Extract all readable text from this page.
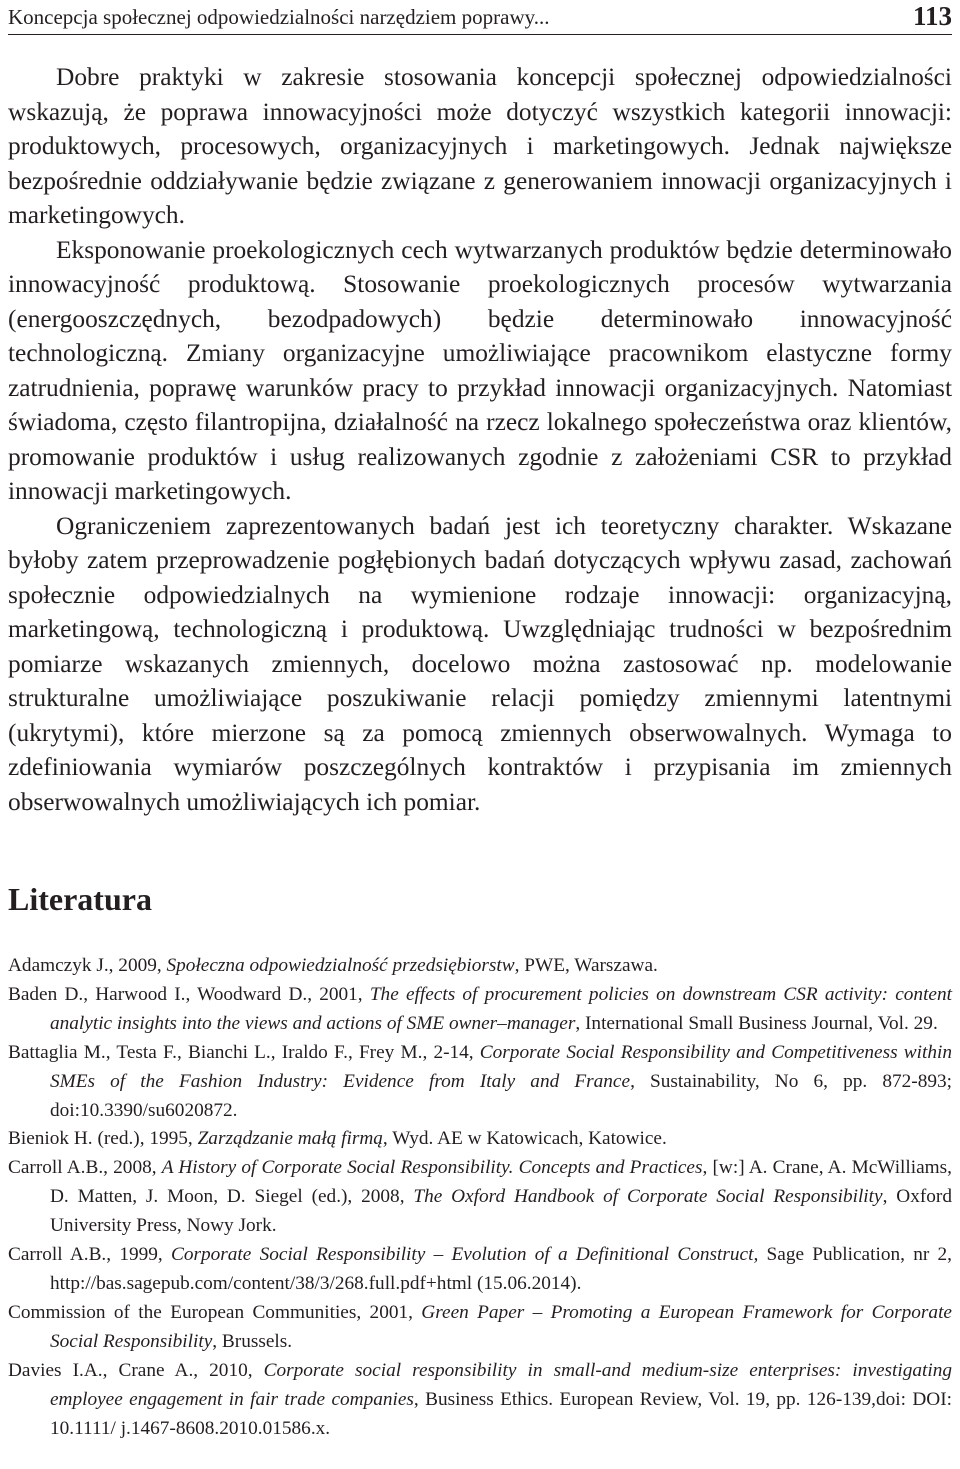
Koncepcja społecznej odpowiedzialności narzędziem poprawy...	113

Dobre praktyki w zakresie stosowania koncepcji społecznej odpowiedzialności wskazują, że poprawa innowacyjności może dotyczyć wszystkich kategorii innowacji: produktowych, procesowych, organizacyjnych i marketingowych. Jednak największe bezpośrednie oddziaływanie będzie związane z generowaniem innowacji organizacyjnych i marketingowych.

Eksponowanie proekologicznych cech wytwarzanych produktów będzie determinowało innowacyjność produktową. Stosowanie proekologicznych procesów wytwarzania (energooszczędnych, bezodpadowych) będzie determinowało innowacyjność technologiczną. Zmiany organizacyjne umożliwiające pracownikom elastyczne formy zatrudnienia, poprawę warunków pracy to przykład innowacji organizacyjnych. Natomiast świadoma, często filantropijna, działalność na rzecz lokalnego społeczeństwa oraz klientów, promowanie produktów i usług realizowanych zgodnie z założeniami CSR to przykład innowacji marketingowych.

Ograniczeniem zaprezentowanych badań jest ich teoretyczny charakter. Wskazane byłoby zatem przeprowadzenie pogłębionych badań dotyczących wpływu zasad, zachowań społecznie odpowiedzialnych na wymienione rodzaje innowacji: organizacyjną, marketingową, technologiczną i produktową. Uwzględniając trudności w bezpośrednim pomiarze wskazanych zmiennych, docelowo można zastosować np. modelowanie strukturalne umożliwiające poszukiwanie relacji pomiędzy zmiennymi latentnymi (ukrytymi), które mierzone są za pomocą zmiennych obserwowalnych. Wymaga to zdefiniowania wymiarów poszczególnych kontraktów i przypisania im zmiennych obserwowalnych umożliwiających ich pomiar.

Literatura

Adamczyk J., 2009, Społeczna odpowiedzialność przedsiębiorstw, PWE, Warszawa.

Baden D., Harwood I., Woodward D., 2001, The effects of procurement policies on downstream CSR activity: content analytic insights into the views and actions of SME owner–manager, International Small Business Journal, Vol. 29.

Battaglia M., Testa F., Bianchi L., Iraldo F., Frey M., 2-14, Corporate Social Responsibility and Competitiveness within SMEs of the Fashion Industry: Evidence from Italy and France, Sustainability, No 6, pp. 872-893; doi:10.3390/su6020872.

Bieniok H. (red.), 1995, Zarządzanie małą firmą, Wyd. AE w Katowicach, Katowice.

Carroll A.B., 2008, A History of Corporate Social Responsibility. Concepts and Practices, [w:] A. Crane, A. McWilliams, D. Matten, J. Moon, D. Siegel (ed.), 2008, The Oxford Handbook of Corporate Social Responsibility, Oxford University Press, Nowy Jork.

Carroll A.B., 1999, Corporate Social Responsibility – Evolution of a Definitional Construct, Sage Publication, nr 2, http://bas.sagepub.com/content/38/3/268.full.pdf+html (15.06.2014).

Commission of the European Communities, 2001, Green Paper – Promoting a European Framework for Corporate Social Responsibility, Brussels.

Davies I.A., Crane A., 2010, Corporate social responsibility in small-and medium-size enterprises: investigating employee engagement in fair trade companies, Business Ethics. European Review, Vol. 19, pp. 126-139,doi: DOI: 10.1111/ j.1467-8608.2010.01586.x.
